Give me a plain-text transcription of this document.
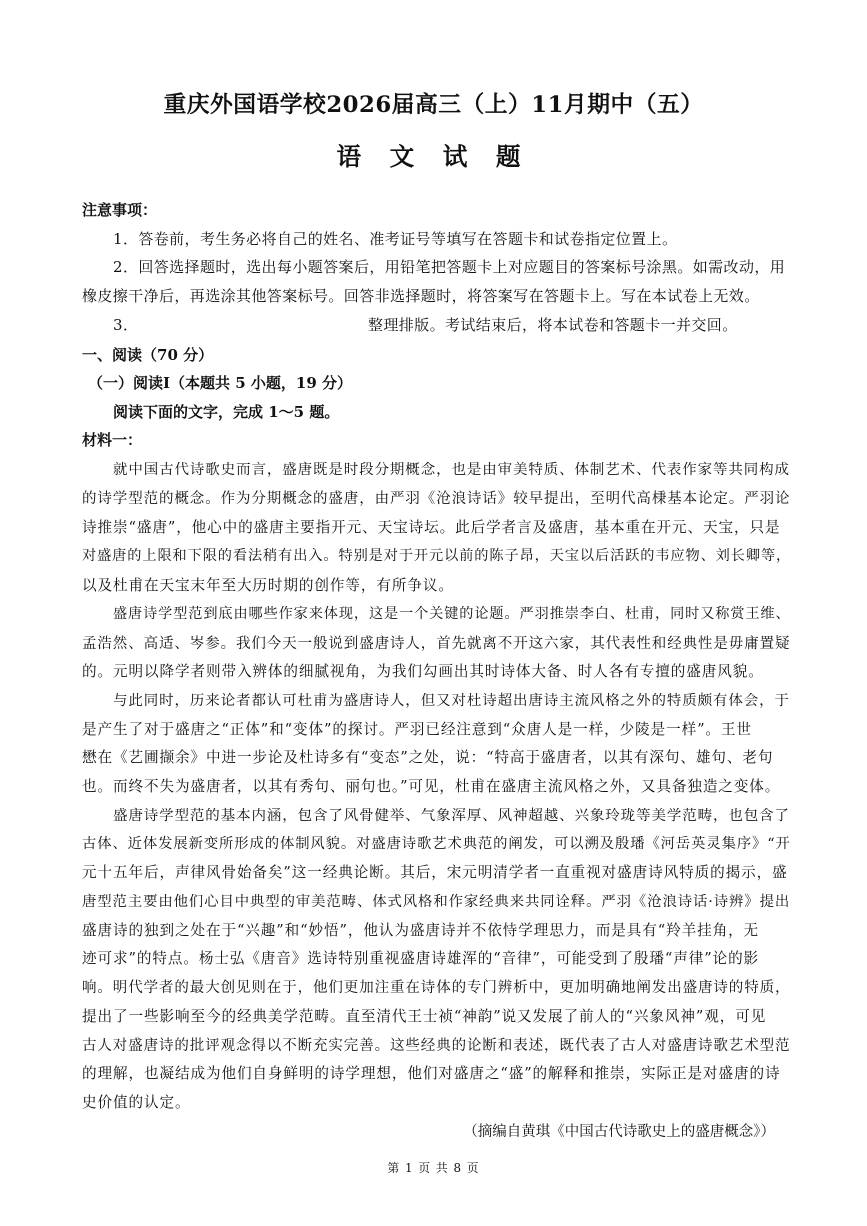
重庆外国语学校2026届高三（上）11月期中（五）
语 文 试 题
注意事项：
1．答卷前，考生务必将自己的姓名、准考证号等填写在答题卡和试卷指定位置上。
2．回答选择题时，选出每小题答案后，用铅笔把答题卡上对应题目的答案标号涂黑。如需改动，用
橡皮擦干净后，再选涂其他答案标号。回答非选择题时，将答案写在答题卡上。写在本试卷上无效。
3．	整理排版。考试结束后，将本试卷和答题卡一并交回。
一、阅读（70 分）
（一）阅读Ⅰ（本题共 5 小题，19 分）
阅读下面的文字，完成 1～5 题。
材料一：
就中国古代诗歌史而言，盛唐既是时段分期概念，也是由审美特质、体制艺术、代表作家等共同构成
的诗学型范的概念。作为分期概念的盛唐，由严羽《沧浪诗话》较早提出，至明代高棅基本论定。严羽论
诗推崇“盛唐”，他心中的盛唐主要指开元、天宝诗坛。此后学者言及盛唐，基本重在开元、天宝，只是
对盛唐的上限和下限的看法稍有出入。特别是对于开元以前的陈子昂，天宝以后活跃的韦应物、刘长卿等，
以及杜甫在天宝末年至大历时期的创作等，有所争议。
盛唐诗学型范到底由哪些作家来体现，这是一个关键的论题。严羽推崇李白、杜甫，同时又称赏王维、
孟浩然、高适、岑参。我们今天一般说到盛唐诗人，首先就离不开这六家，其代表性和经典性是毋庸置疑
的。元明以降学者则带入辨体的细腻视角，为我们勾画出其时诗体大备、时人各有专擅的盛唐风貌。
与此同时，历来论者都认可杜甫为盛唐诗人，但又对杜诗超出唐诗主流风格之外的特质颇有体会，于
是产生了对于盛唐之“正体”和“变体”的探讨。严羽已经注意到“众唐人是一样，少陵是一样”。王世
懋在《艺圃撷余》中进一步论及杜诗多有“变态”之处，说：“特高于盛唐者，以其有深句、雄句、老句
也。而终不失为盛唐者，以其有秀句、丽句也。”可见，杜甫在盛唐主流风格之外，又具备独造之变体。
盛唐诗学型范的基本内涵，包含了风骨健举、气象浑厚、风神超越、兴象玲珑等美学范畴，也包含了
古体、近体发展新变所形成的体制风貌。对盛唐诗歌艺术典范的阐发，可以溯及殷璠《河岳英灵集序》“开
元十五年后，声律风骨始备矣”这一经典论断。其后，宋元明清学者一直重视对盛唐诗风特质的揭示，盛
唐型范主要由他们心目中典型的审美范畴、体式风格和作家经典来共同诠释。严羽《沧浪诗话·诗辨》提出
盛唐诗的独到之处在于“兴趣”和“妙悟”，他认为盛唐诗并不依恃学理思力，而是具有“羚羊挂角，无
迹可求”的特点。杨士弘《唐音》选诗特别重视盛唐诗雄浑的“音律”，可能受到了殷璠“声律”论的影
响。明代学者的最大创见则在于，他们更加注重在诗体的专门辨析中，更加明确地阐发出盛唐诗的特质，
提出了一些影响至今的经典美学范畴。直至清代王士祯“神韵”说又发展了前人的“兴象风神”观，可见
古人对盛唐诗的批评观念得以不断充实完善。这些经典的论断和表述，既代表了古人对盛唐诗歌艺术型范
的理解，也凝结成为他们自身鲜明的诗学理想，他们对盛唐之“盛”的解释和推崇，实际正是对盛唐的诗
史价值的认定。
（摘编自黄琪《中国古代诗歌史上的盛唐概念》）
第 1 页 共 8 页
